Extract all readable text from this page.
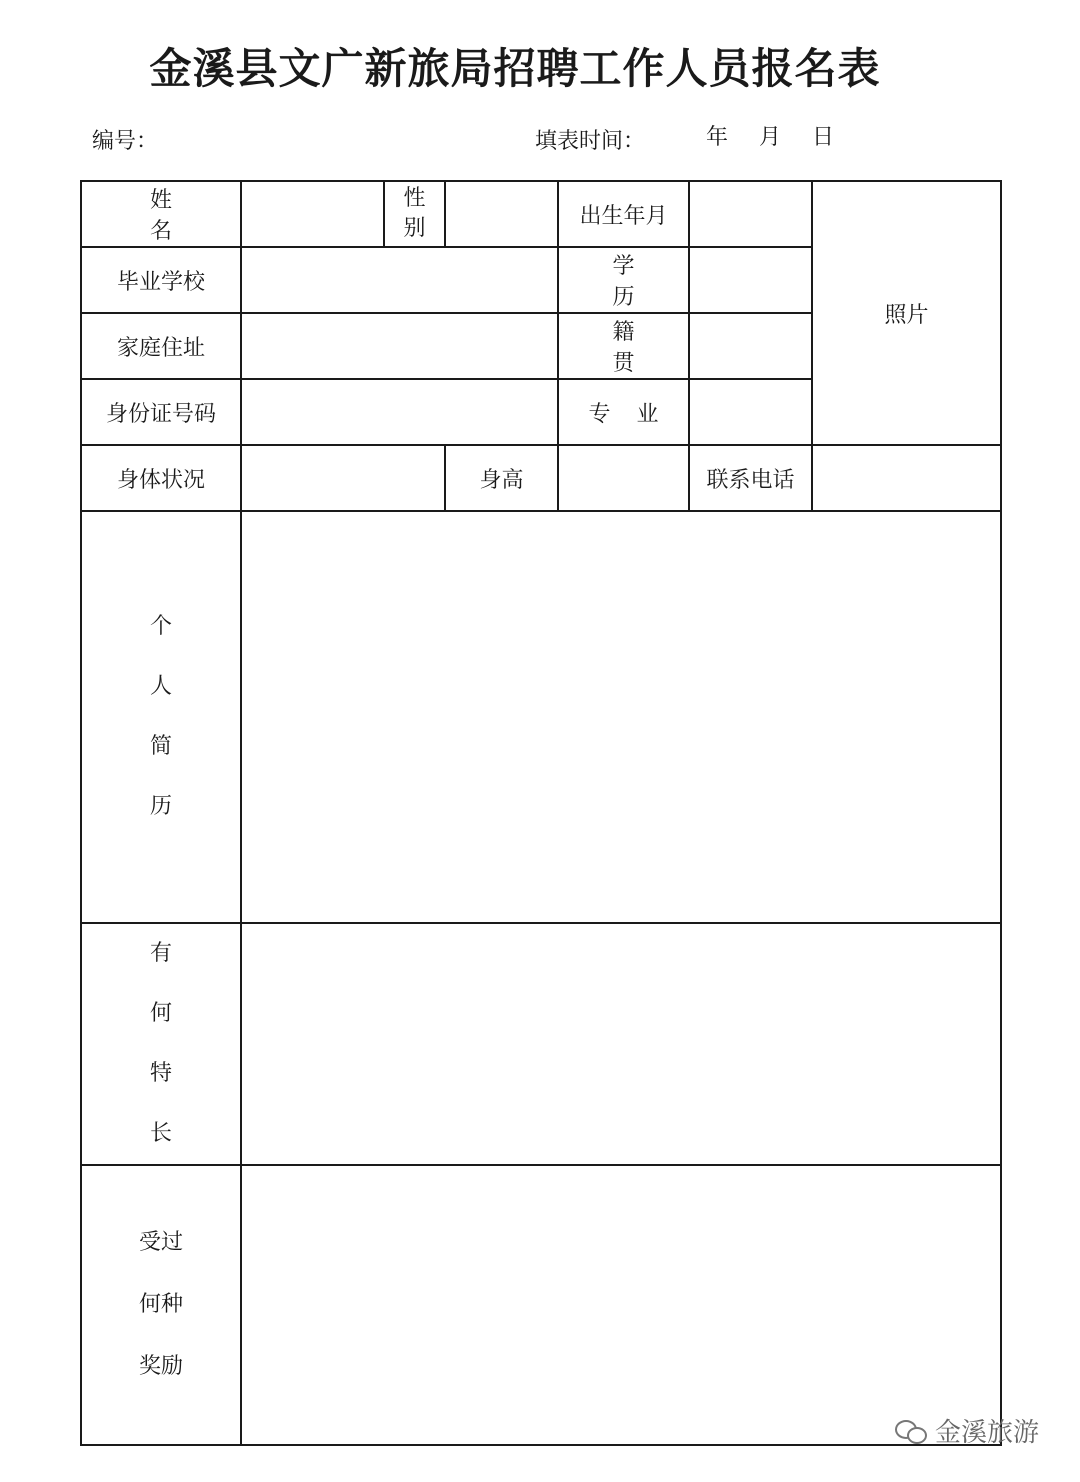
金溪县文广新旅局招聘工作人员报名表
编号：	填表时间：	年 月 日
姓名		性别		出生年月		照片
毕业学校				学历		
家庭住址				籍贯		
身份证号码				专业		
身体状况			身高		联系电话	
个人简历						
有何特长						
受过何种奖励						
金溪旅游
